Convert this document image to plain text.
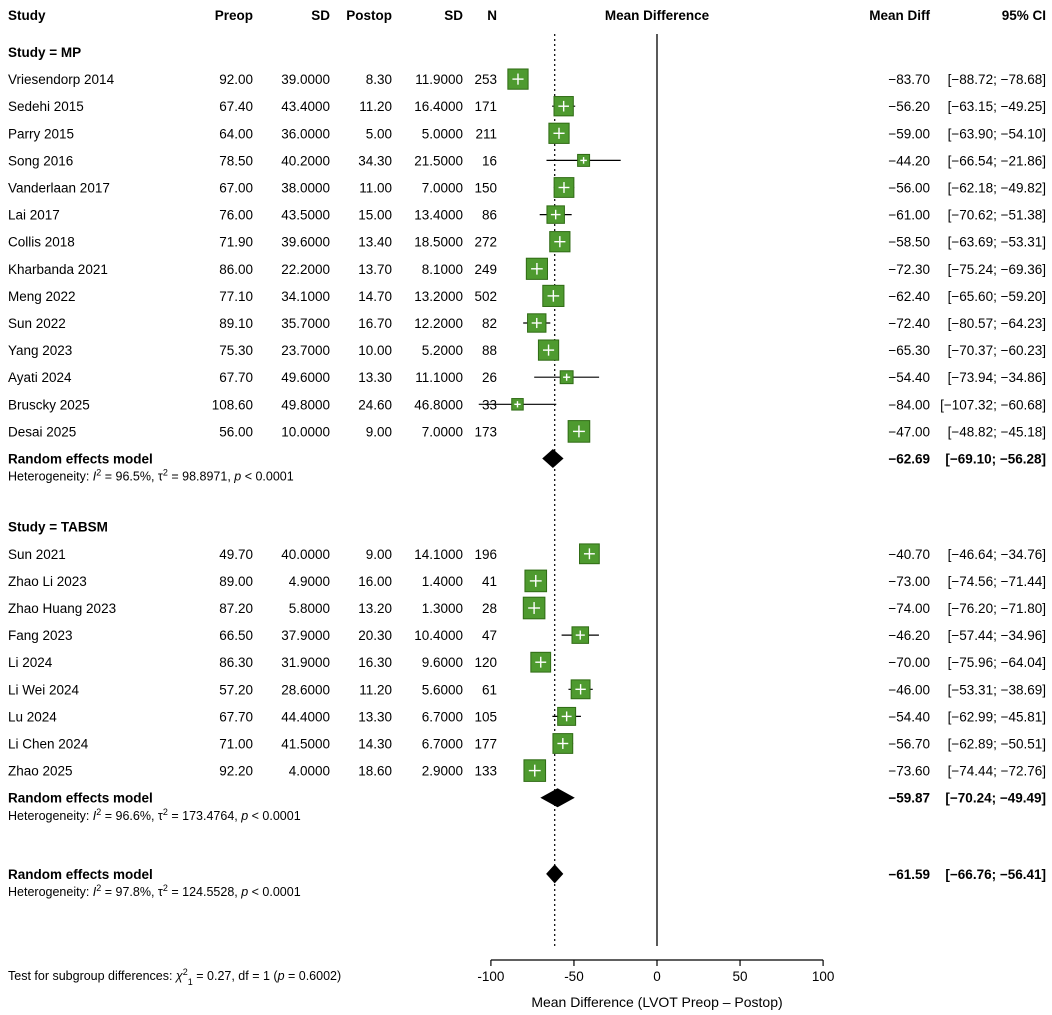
Study	Preop	SD Postop	SD N	Mean Difference	Mean Diff	95% CI
Study = MP
Vriesendorp 2014	92.00 39.0000	8.30 11.9000 253	−83.70 [−88.72; −78.68]
Sedehi 2015	67.40 43.4000 11.20 16.4000 171	−56.20 [−63.15; −49.25]
Parry 2015	64.00 36.0000	5.00 5.0000 211	−59.00 [−63.90; −54.10]
Song 2016	78.50 40.2000 34.30 21.5000 16	−44.20 [−66.54; −21.86]
Vanderlaan 2017	67.00 38.0000 11.00 7.0000 150	−56.00 [−62.18; −49.82]
Lai 2017	76.00 43.5000 15.00 13.4000 86	−61.00 [−70.62; −51.38]
Collis 2018	71.90 39.6000 13.40 18.5000 272	−58.50 [−63.69; −53.31]
Kharbanda 2021	86.00 22.2000 13.70 8.1000 249	−72.30 [−75.24; −69.36]
Meng 2022	77.10 34.1000 14.70 13.2000 502	−62.40 [−65.60; −59.20]
Sun 2022	89.10 35.7000 16.70 12.2000 82	−72.40 [−80.57; −64.23]
Yang 2023	75.30 23.7000 10.00 5.2000 88	−65.30 [−70.37; −60.23]
Ayati 2024	67.70 49.6000 13.30 11.1000 26	−54.40 [−73.94; −34.86]
Bruscky 2025	108.60 49.8000 24.60 46.8000 33	−84.00 [−107.32; −60.68]
Desai 2025	56.00 10.0000	9.00 7.0000 173	−47.00 [−48.82; −45.18]
Random effects model	−62.69 [−69.10; −56.28]
Heterogeneity: $I^2 = 96.5\%$, $\tau^2 = 98.8971$, p < 0.0001
Study = TABSM
Sun 2021	49.70 40.0000	9.00 14.1000 196	−40.70 [−46.64; −34.76]
Zhao Li 2023	89.00	4.9000 16.00 1.4000 41	−73.00 [−74.56; −71.44]
Zhao Huang 2023	87.20	5.8000 13.20 1.3000 28	−74.00 [−76.20; −71.80]
Fang 2023	66.50 37.9000 20.30 10.4000 47	−46.20 [−57.44; −34.96]
Li 2024	86.30 31.9000 16.30 9.6000 120	−70.00 [−75.96; −64.04]
Li Wei 2024	57.20 28.6000 11.20 5.6000 61	−46.00 [−53.31; −38.69]
Lu 2024	67.70 44.4000 13.30 6.7000 105	−54.40 [−62.99; −45.81]
Li Chen 2024	71.00 41.5000 14.30 6.7000 177	−56.70 [−62.89; −50.51]
Zhao 2025	92.20	4.0000 18.60 2.9000 133	−73.60 [−74.44; −72.76]
Random effects model	−59.87 [−70.24; −49.49]
Heterogeneity: $I^2 = 96.6\%$, $\tau^2 = 173.4764$, p < 0.0001
Random effects model	−61.59 [−66.76; −56.41]
Heterogeneity: $I^2 = 97.8\%$, $\tau^2 = 124.5528$, p < 0.0001
-100	-50	0	50	100
Mean Difference (LVOT Preop – Postop)
Test for subgroup differences: $\chi^2_1 = 0.27$, df = 1 (p = 0.6002)
